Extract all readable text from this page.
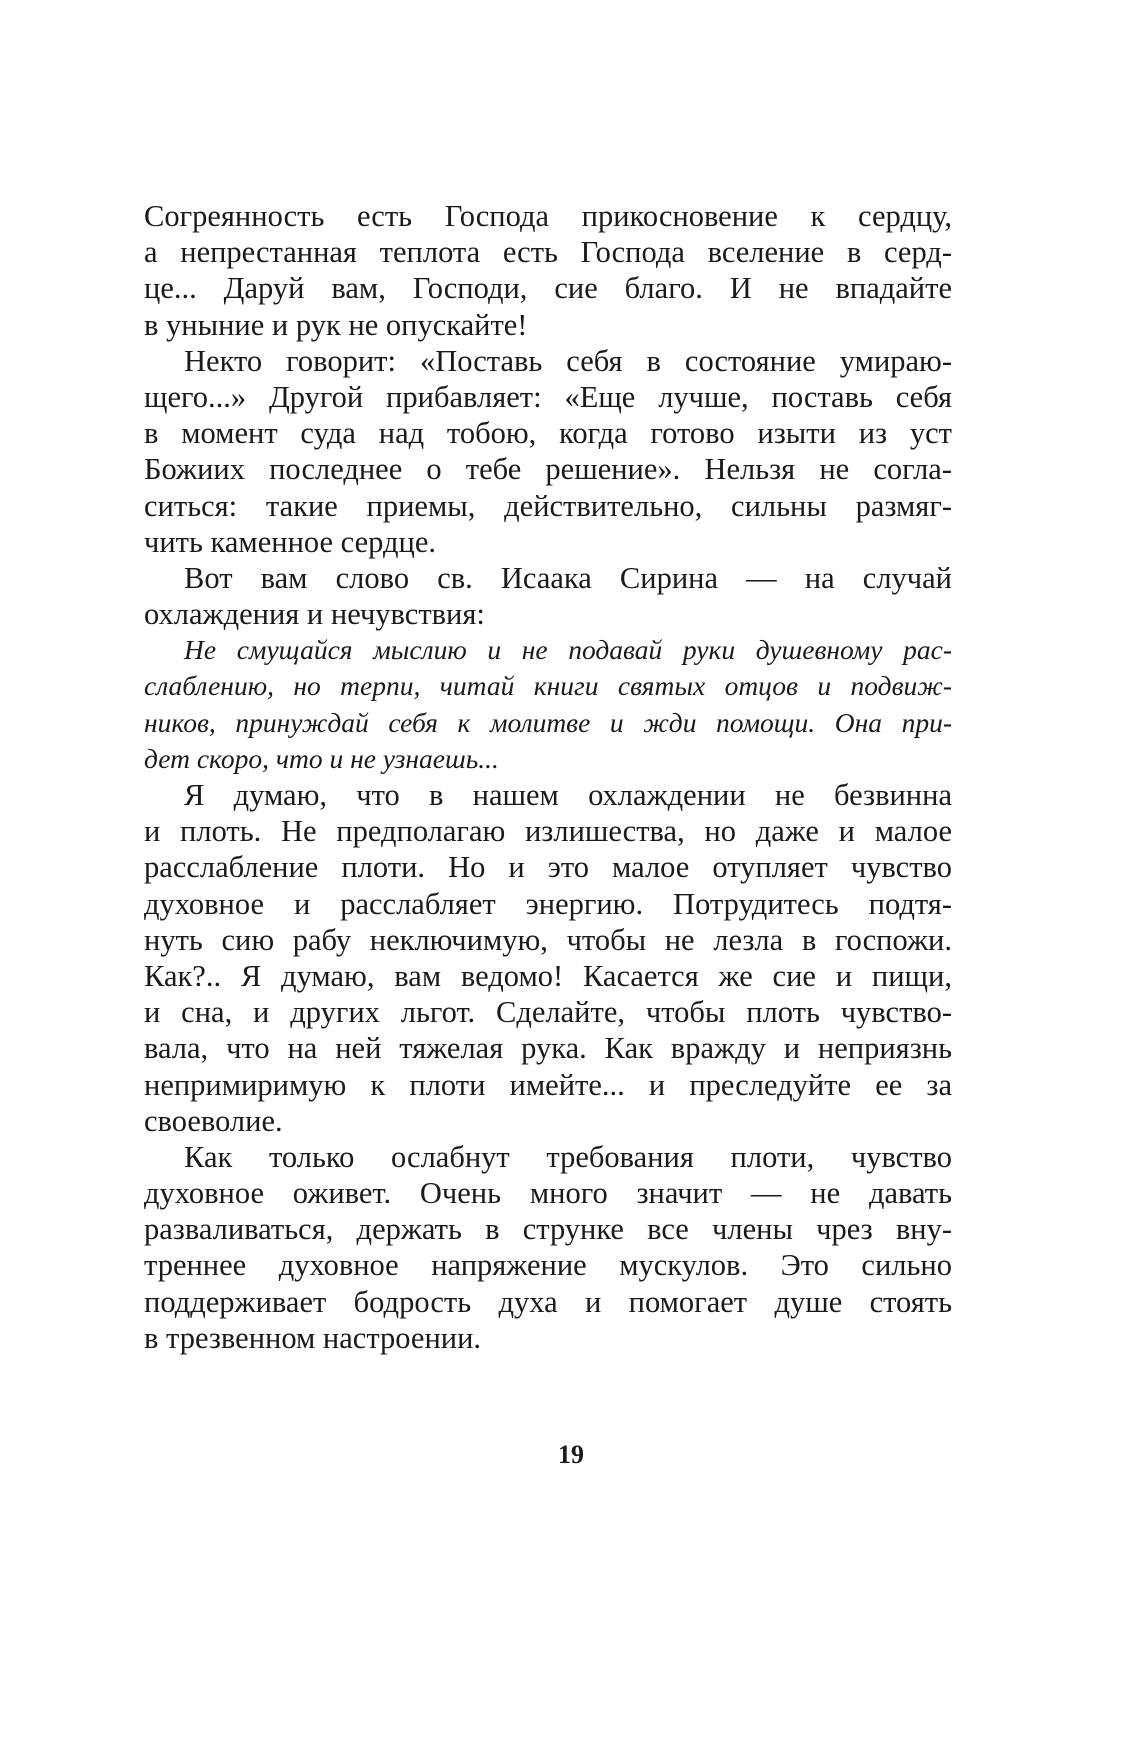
Согреянность есть Господа прикосновение к сердцу,
а непрестанная теплота есть Господа вселение в серд-
це... Даруй вам, Господи, сие благо. И не впадайте
в уныние и рук не опускайте!
Некто говорит: «Поставь себя в состояние умираю-
щего...» Другой прибавляет: «Еще лучше, поставь себя
в момент суда над тобою, когда готово изыти из уст
Божиих последнее о тебе решение». Нельзя не согла-
ситься: такие приемы, действительно, сильны размяг-
чить каменное сердце.
Вот вам слово св. Исаака Сирина — на случай
охлаждения и нечувствия:
Не смущайся мыслию и не подавай руки душевному рас-
слаблению, но терпи, читай книги святых отцов и подвиж-
ников, принуждай себя к молитве и жди помощи. Она при-
дет скоро, что и не узнаешь...
Я думаю, что в нашем охлаждении не безвинна
и плоть. Не предполагаю излишества, но даже и малое
расслабление плоти. Но и это малое отупляет чувство
духовное и расслабляет энергию. Потрудитесь подтя-
нуть сию рабу неключимую, чтобы не лезла в госпожи.
Как?.. Я думаю, вам ведомо! Касается же сие и пищи,
и сна, и других льгот. Сделайте, чтобы плоть чувство-
вала, что на ней тяжелая рука. Как вражду и неприязнь
непримиримую к плоти имейте... и преследуйте ее за
своеволие.
Как только ослабнут требования плоти, чувство
духовное оживет. Очень много значит — не давать
разваливаться, держать в струнке все члены чрез вну-
треннее духовное напряжение мускулов. Это сильно
поддерживает бодрость духа и помогает душе стоять
в трезвенном настроении.
19
